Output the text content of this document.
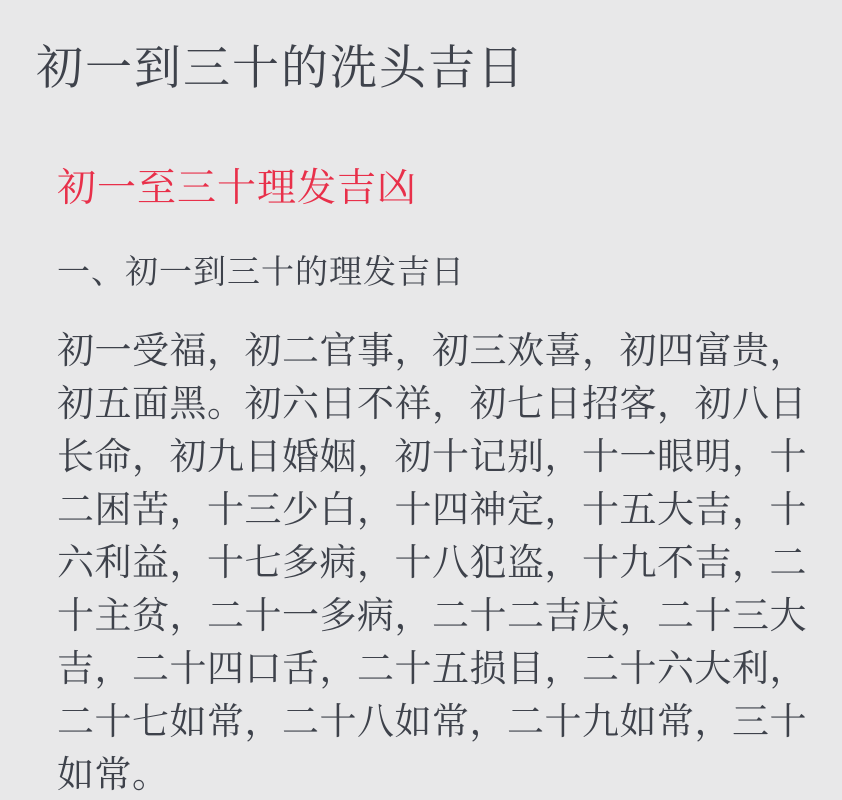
初一到三十的洗头吉日
初一至三十理发吉凶
一、初一到三十的理发吉日
初一受福，初二官事，初三欢喜，初四富贵，
初五面黑。初六日不祥，初七日招客，初八日
长命，初九日婚姻，初十记别，十一眼明，十
二困苦，十三少白，十四神定，十五大吉，十
六利益，十七多病，十八犯盗，十九不吉，二
十主贫，二十一多病，二十二吉庆，二十三大
吉，二十四口舌，二十五损目，二十六大利，
二十七如常，二十八如常，二十九如常，三十
如常。
